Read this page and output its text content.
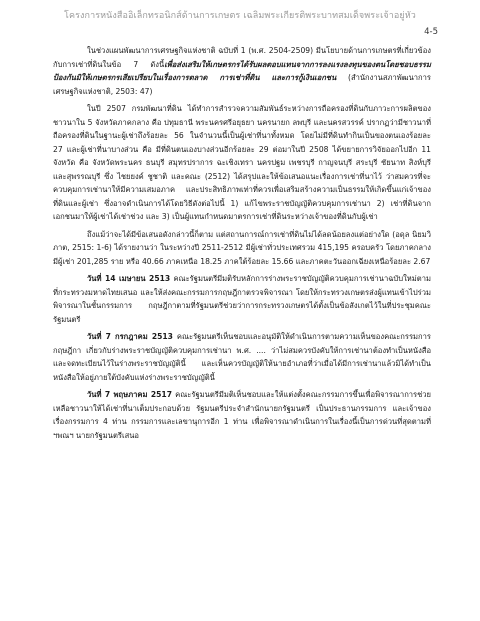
โครงการหนังสืออิเล็กทรอนิกส์ด้านการเกษตร เฉลิมพระเกียรติพระบาทสมเด็จพระเจ้าอยู่หัว
4-5

ในช่วงแผนพัฒนาการเศรษฐกิจแห่งชาติ ฉบับที่ 1 (พ.ศ. 2504-2509) มีนโยบายด้านการเกษตรที่เกี่ยวข้องกับการเช่าที่ดินในข้อ 7 ดังนี้เพื่อส่งเสริมให้เกษตรกรได้รับผลตอบแทนจากการลงแรงลงทุนของตนโดยชอบธรรม ป้องกันมิให้เกษตรกรเสียเปรียบในเรื่องการตลาด การเช่าที่ดิน และการกู้เงินเอกชน (สำนักงานสภาพัฒนาการเศรษฐกิจแห่งชาติ, 2503: 47)

ในปี 2507 กรมพัฒนาที่ดิน ได้ทำการสำรวจความสัมพันธ์ระหว่างการถือครองที่ดินกับภาวะการผลิตของชาวนาใน 5 จังหวัดภาคกลาง คือ ปทุมธานี พระนครศรีอยุธยา นครนายก ลพบุรี และนครสวรรค์ ปรากฏว่ามีชาวนาที่ถือครองที่ดินในฐานะผู้เช่าถึงร้อยละ 56 ในจำนวนนี้เป็นผู้เช่าที่นาทั้งหมด โดยไม่มีที่ดินทำกินเป็นของตนเองร้อยละ 27 และผู้เช่าที่นาบางส่วน คือ มีที่ดินตนเองบางส่วนอีกร้อยละ 29 ต่อมาในปี 2508 ได้ขยายการวิจัยออกไปอีก 11 จังหวัด คือ จังหวัดพระนคร ธนบุรี สมุทรปราการ ฉะเชิงเทรา นครปฐม เพชรบุรี กาญจนบุรี สระบุรี ชัยนาท สิงห์บุรี และสุพรรณบุรี ซึ่ง ไชยยงค์ ชูชาติ และคณะ (2512) ได้สรุปและให้ข้อเสนอแนะเรื่องการเช่าที่นาไว้ ว่าสมควรที่จะควบคุมการเช่านาให้มีความเสมอภาค และประสิทธิภาพเท่าที่ควรเพื่อเสริมสร้างความเป็นธรรมให้เกิดขึ้นแก่เจ้าของที่ดินและผู้เช่า ซึ่งอาจดำเนินการได้โดยวิธีดังต่อไปนี้ 1) แก้ไขพระราชบัญญัติควบคุมการเช่านา 2) เช่าที่ดินจากเอกชนมาให้ผู้เช่าได้เช่าช่วง และ 3) เป็นผู้แทนกำหนดมาตรการเช่าที่ดินระหว่างเจ้าของที่ดินกับผู้เช่า

ถึงแม้ว่าจะได้มีข้อเสนอดังกล่าวนี้ก็ตาม แต่สถานการณ์การเช่าที่ดินไม่ได้ลดน้อยลงแต่อย่างใด (อดุล นิยมวิภาต, 2515: 1-6) ได้รายงานว่า ในระหว่างปี 2511-2512 มีผู้เช่าทั่วประเทศรวม 415,195 ครอบครัว โดยภาคกลางมีผู้เช่า 201,285 ราย หรือ 40.66 ภาคเหนือ 18.25 ภาคใต้ร้อยละ 15.66 และภาคตะวันออกเฉียงเหนือร้อยละ 2.67

วันที่ 14 เมษายน 2513 คณะรัฐมนตรีมีมติรับหลักการร่างพระราชบัญญัติควบคุมการเช่านาฉบับใหม่ตามที่กระทรวงมหาดไทยเสนอ และให้ส่งคณะกรรมการกฤษฎีกาตรวจพิจารณา โดยให้กระทรวงเกษตรส่งผู้แทนเข้าไปร่วมพิจารณาในชั้นกรรมการ กฤษฎีกาตามที่รัฐมนตรีช่วยว่าการกระทรวงเกษตรได้ตั้งเป็นข้อสังเกตไว้ในที่ประชุมคณะรัฐมนตรี

วันที่ 7 กรกฎาคม 2513 คณะรัฐมนตรีเห็นชอบและอนุมัติให้ดำเนินการตามความเห็นของคณะกรรมการกฤษฎีกา เกี่ยวกับร่างพระราชบัญญัติควบคุมการเช่านา พ.ศ. .... ว่าไม่สมควรบังคับให้การเช่านาต้องทำเป็นหนังสือและจดทะเบียนไว้ในร่างพระราชบัญญัตินี้ และเห็นควรบัญญัติให้นายอำเภอที่ว่าเมื่อได้มีการเช่านาแล้วมิได้ทำเป็นหนังสือให้อยู่ภายใต้บังคับแห่งร่างพระราชบัญญัตินี้

วันที่ 7 พฤษภาคม 2517 คณะรัฐมนตรีมีมติเห็นชอบและให้แต่งตั้งคณะกรรมการขึ้นเพื่อพิจารณาการช่วยเหลือชาวนาให้ได้เช่าที่นาเต็มประกอบด้วย รัฐมนตรีประจำสำนักนายกรัฐมนตรี เป็นประธานกรรมการ และเจ้าของเรื่องกรรมการ 4 ท่าน กรรมการและเลขานุการอีก 1 ท่าน เพื่อพิจารณาดำเนินการในเรื่องนี้เป็นการด่วนที่สุดตามที่ ฯพณฯ นายกรัฐมนตรีเสนอ
